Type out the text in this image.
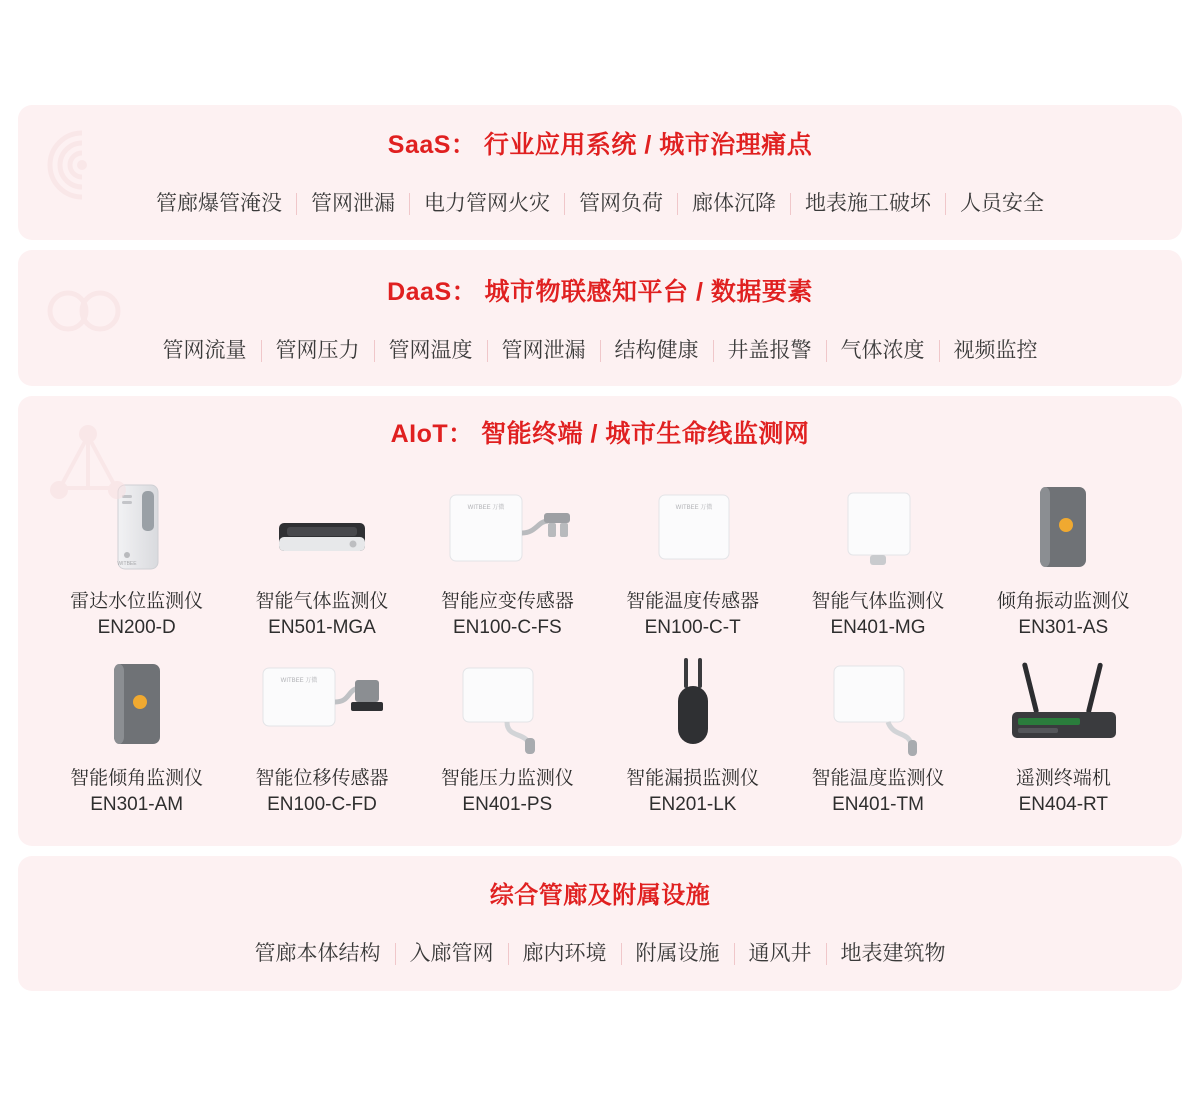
SaaS： 行业应用系统 / 城市治理痛点
管廊爆管淹没	管网泄漏	电力管网火灾	管网负荷	廊体沉降	地表施工破坏	人员安全
DaaS： 城市物联感知平台 / 数据要素
管网流量	管网压力	管网温度	管网泄漏	结构健康	井盖报警	气体浓度	视频监控
AIoT： 智能终端 / 城市生命线监测网
WITBEE
雷达水位监测仪
EN200-D
智能气体监测仪
EN501-MGA
WITBEE 万微
智能应变传感器
EN100-C-FS
WITBEE 万微
智能温度传感器
EN100-C-T
智能气体监测仪
EN401-MG
倾角振动监测仪
EN301-AS
智能倾角监测仪
EN301-AM
WITBEE 万微
智能位移传感器
EN100-C-FD
智能压力监测仪
EN401-PS
智能漏损监测仪
EN201-LK
智能温度监测仪
EN401-TM
遥测终端机
EN404-RT
综合管廊及附属设施
管廊本体结构	入廊管网	廊内环境	附属设施	通风井	地表建筑物
